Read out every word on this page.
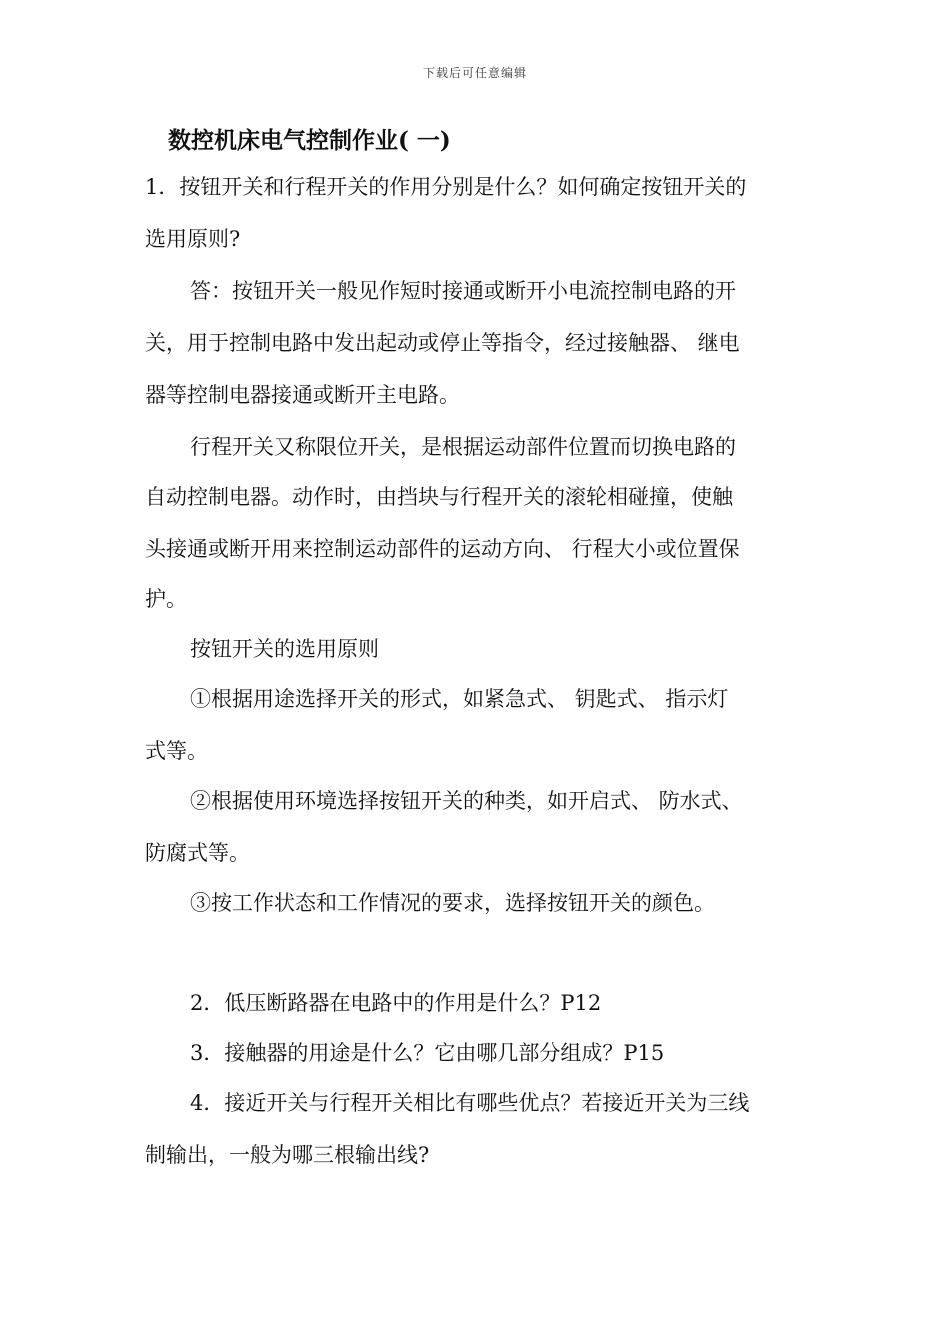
下载后可任意编辑
数控机床电气控制作业( 一)
1．按钮开关和行程开关的作用分别是什么？如何确定按钮开关的
选用原则?
答：按钮开关一般见作短时接通或断开小电流控制电路的开
关，用于控制电路中发出起动或停止等指令，经过接触器、 继电
器等控制电器接通或断开主电路。
行程开关又称限位开关，是根据运动部件位置而切换电路的
自动控制电器。动作时，由挡块与行程开关的滚轮相碰撞，使触
头接通或断开用来控制运动部件的运动方向、 行程大小或位置保
护。
按钮开关的选用原则
①根据用途选择开关的形式，如紧急式、 钥匙式、 指示灯
式等。
②根据使用环境选择按钮开关的种类，如开启式、 防水式、
防腐式等。
③按工作状态和工作情况的要求，选择按钮开关的颜色。
2．低压断路器在电路中的作用是什么？P12
3．接触器的用途是什么？它由哪几部分组成？P15
4．接近开关与行程开关相比有哪些优点？若接近开关为三线
制输出，一般为哪三根输出线?
